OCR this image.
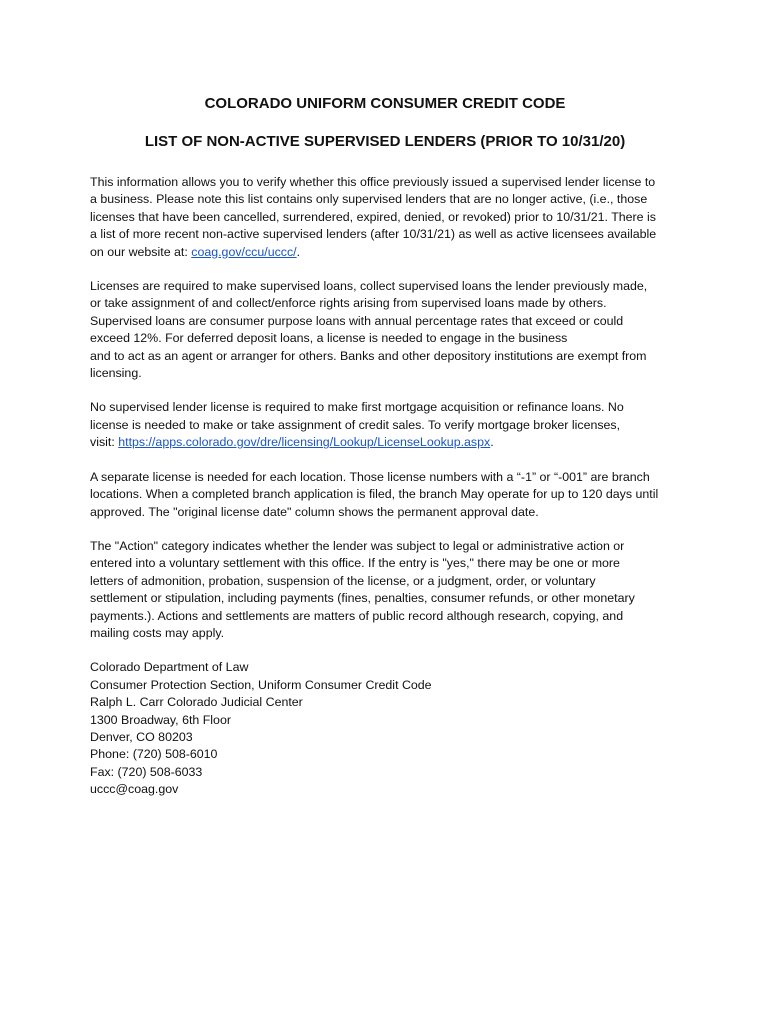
COLORADO UNIFORM CONSUMER CREDIT CODE
LIST OF NON-ACTIVE SUPERVISED LENDERS (PRIOR TO 10/31/20)

This information allows you to verify whether this office previously issued a supervised lender license to
a business. Please note this list contains only supervised lenders that are no longer active, (i.e., those
licenses that have been cancelled, surrendered, expired, denied, or revoked) prior to 10/31/21. There is
a list of more recent non-active supervised lenders (after 10/31/21) as well as active licensees available
on our website at: coag.gov/ccu/uccc/.

Licenses are required to make supervised loans, collect supervised loans the lender previously made,
or take assignment of and collect/enforce rights arising from supervised loans made by others.
Supervised loans are consumer purpose loans with annual percentage rates that exceed or could
exceed 12%. For deferred deposit loans, a license is needed to engage in the business
and to act as an agent or arranger for others. Banks and other depository institutions are exempt from
licensing.

No supervised lender license is required to make first mortgage acquisition or refinance loans. No
license is needed to make or take assignment of credit sales. To verify mortgage broker licenses,
visit: https://apps.colorado.gov/dre/licensing/Lookup/LicenseLookup.aspx.

A separate license is needed for each location. Those license numbers with a “-1” or “-001” are branch
locations. When a completed branch application is filed, the branch May operate for up to 120 days until
approved. The "original license date" column shows the permanent approval date.

The "Action" category indicates whether the lender was subject to legal or administrative action or
entered into a voluntary settlement with this office. If the entry is "yes," there may be one or more
letters of admonition, probation, suspension of the license, or a judgment, order, or voluntary
settlement or stipulation, including payments (fines, penalties, consumer refunds, or other monetary
payments.). Actions and settlements are matters of public record although research, copying, and
mailing costs may apply.

Colorado Department of Law
Consumer Protection Section, Uniform Consumer Credit Code
Ralph L. Carr Colorado Judicial Center
1300 Broadway, 6th Floor
Denver, CO 80203
Phone: (720) 508-6010
Fax: (720) 508-6033
uccc@coag.gov
